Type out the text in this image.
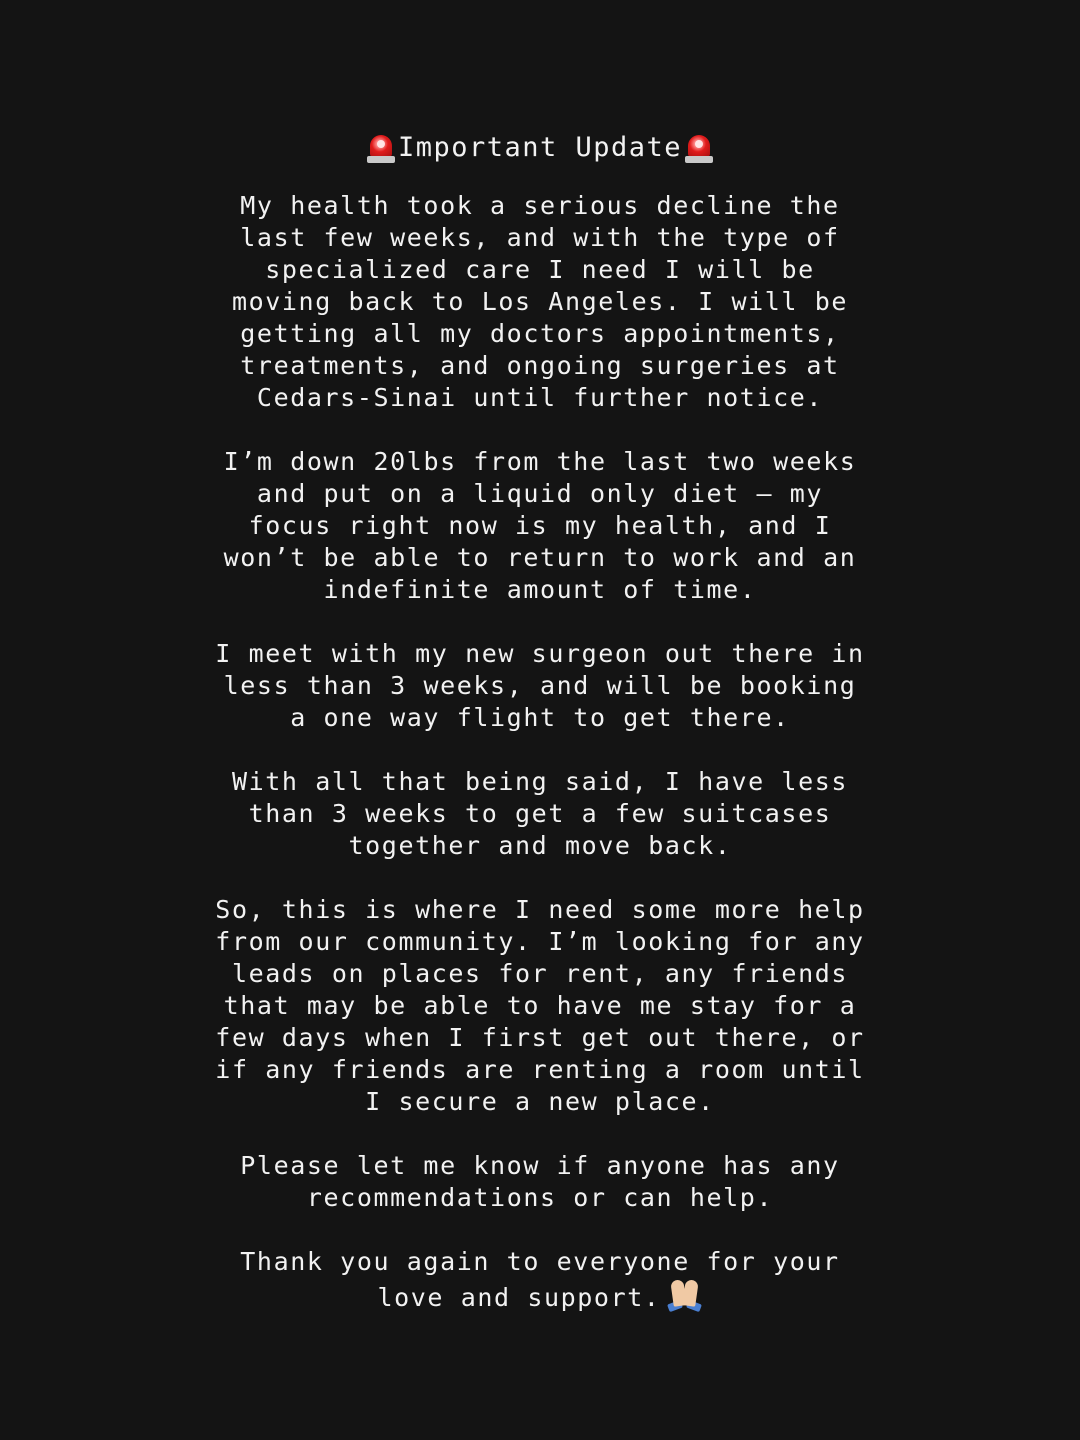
Important Update
My health took a serious decline the
last few weeks, and with the type of
specialized care I need I will be
moving back to Los Angeles. I will be
getting all my doctors appointments,
treatments, and ongoing surgeries at
Cedars-Sinai until further notice.
I’m down 20lbs from the last two weeks
and put on a liquid only diet – my
focus right now is my health, and I
won’t be able to return to work and an
indefinite amount of time.
I meet with my new surgeon out there in
less than 3 weeks, and will be booking
a one way flight to get there.
With all that being said, I have less
than 3 weeks to get a few suitcases
together and move back.
So, this is where I need some more help
from our community. I’m looking for any
leads on places for rent, any friends
that may be able to have me stay for a
few days when I first get out there, or
if any friends are renting a room until
I secure a new place.
Please let me know if anyone has any
recommendations or can help.
Thank you again to everyone for your
love and support.
